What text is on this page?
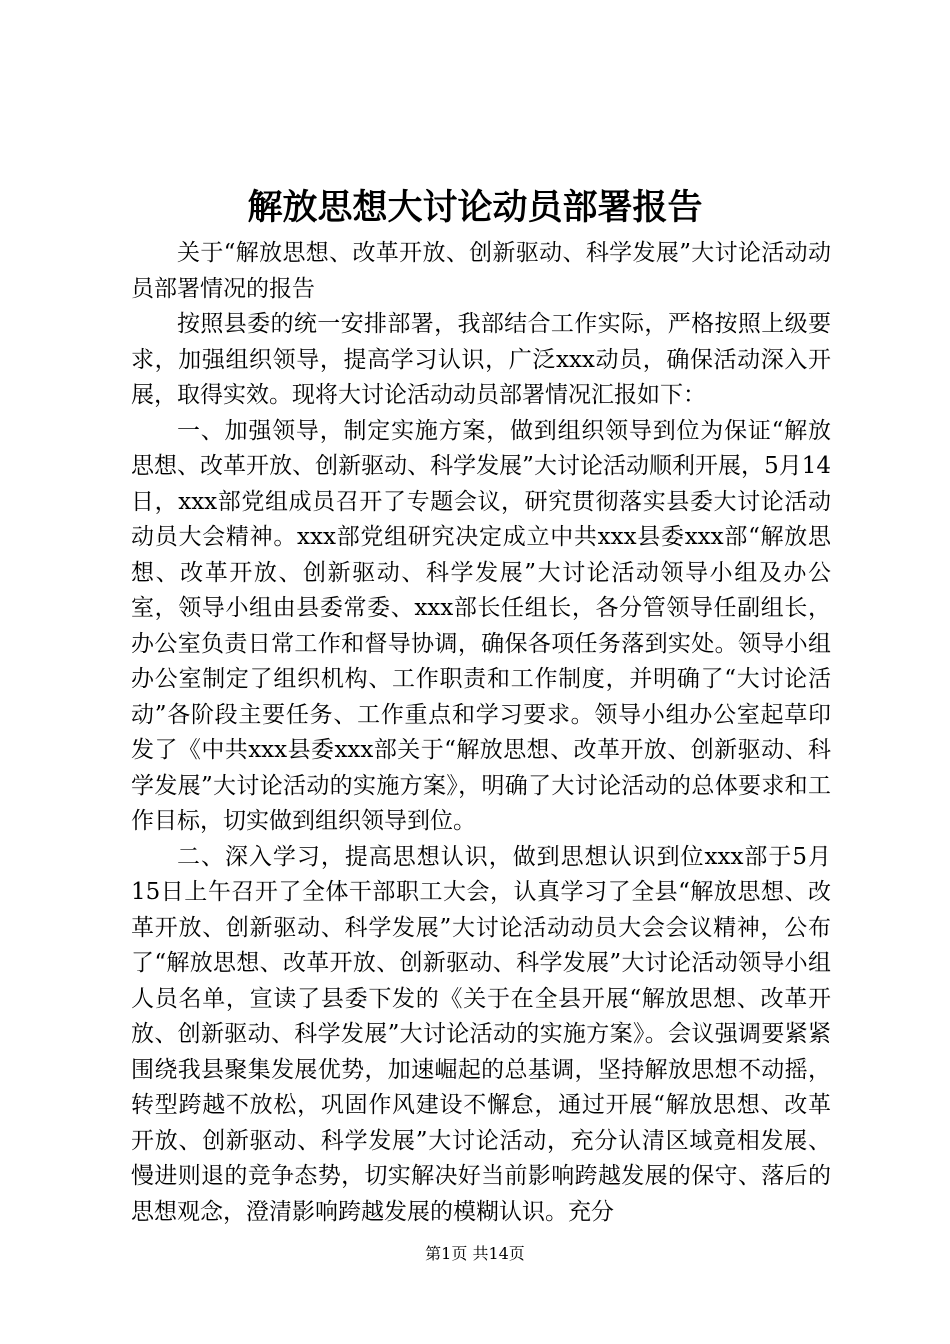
解放思想大讨论动员部署报告

关于“解放思想、改革开放、创新驱动、科学发展”大讨论活动动员部署情况的报告

按照县委的统一安排部署，我部结合工作实际，严格按照上级要求，加强组织领导，提高学习认识，广泛xxx动员，确保活动深入开展，取得实效。现将大讨论活动动员部署情况汇报如下：

一、加强领导，制定实施方案，做到组织领导到位为保证“解放思想、改革开放、创新驱动、科学发展”大讨论活动顺利开展，5月14日，xxx部党组成员召开了专题会议，研究贯彻落实县委大讨论活动动员大会精神。xxx部党组研究决定成立中共xxx县委xxx部“解放思想、改革开放、创新驱动、科学发展”大讨论活动领导小组及办公室，领导小组由县委常委、xxx部长任组长，各分管领导任副组长，办公室负责日常工作和督导协调，确保各项任务落到实处。领导小组办公室制定了组织机构、工作职责和工作制度，并明确了“大讨论活动”各阶段主要任务、工作重点和学习要求。领导小组办公室起草印发了《中共xxx县委xxx部关于“解放思想、改革开放、创新驱动、科学发展”大讨论活动的实施方案》，明确了大讨论活动的总体要求和工作目标，切实做到组织领导到位。

二、深入学习，提高思想认识，做到思想认识到位xxx部于5月15日上午召开了全体干部职工大会，认真学习了全县“解放思想、改革开放、创新驱动、科学发展”大讨论活动动员大会会议精神，公布了“解放思想、改革开放、创新驱动、科学发展”大讨论活动领导小组人员名单，宣读了县委下发的《关于在全县开展“解放思想、改革开放、创新驱动、科学发展”大讨论活动的实施方案》。会议强调要紧紧围绕我县聚集发展优势，加速崛起的总基调，坚持解放思想不动摇，转型跨越不放松，巩固作风建设不懈怠，通过开展“解放思想、改革开放、创新驱动、科学发展”大讨论活动，充分认清区域竟相发展、慢进则退的竞争态势，切实解决好当前影响跨越发展的保守、落后的思想观念，澄清影响跨越发展的模糊认识。充分

第1页 共14页
